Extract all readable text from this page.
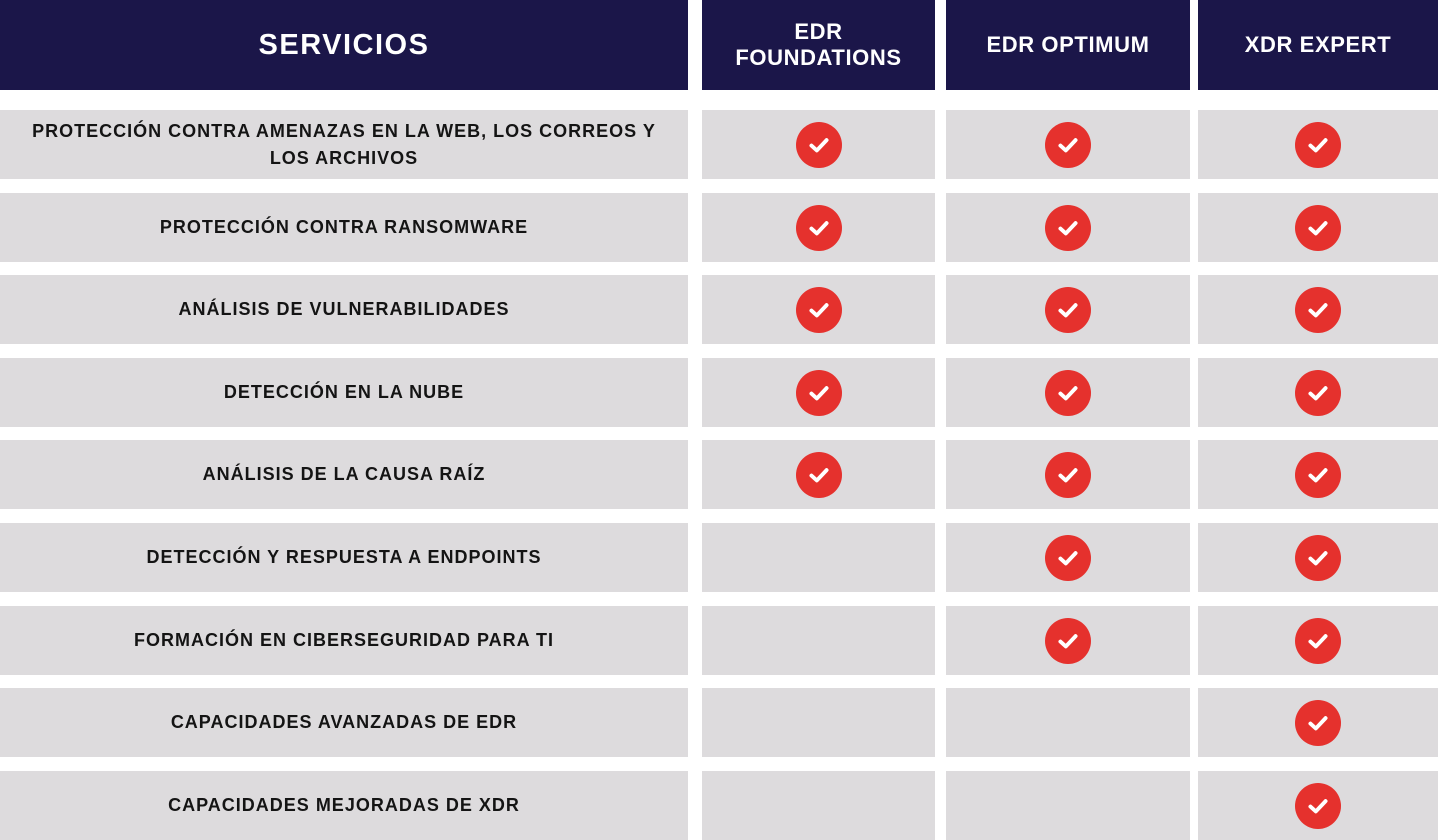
SERVICIOS	EDR
FOUNDATIONS
EDR OPTIMUM	XDR EXPERT
PROTECCIÓN CONTRA AMENAZAS EN LA WEB, LOS CORREOS Y LOS ARCHIVOS
PROTECCIÓN CONTRA RANSOMWARE
ANÁLISIS DE VULNERABILIDADES
DETECCIÓN EN LA NUBE
ANÁLISIS DE LA CAUSA RAÍZ
DETECCIÓN Y RESPUESTA A ENDPOINTS
FORMACIÓN EN CIBERSEGURIDAD PARA TI
CAPACIDADES AVANZADAS DE EDR
CAPACIDADES MEJORADAS DE XDR
